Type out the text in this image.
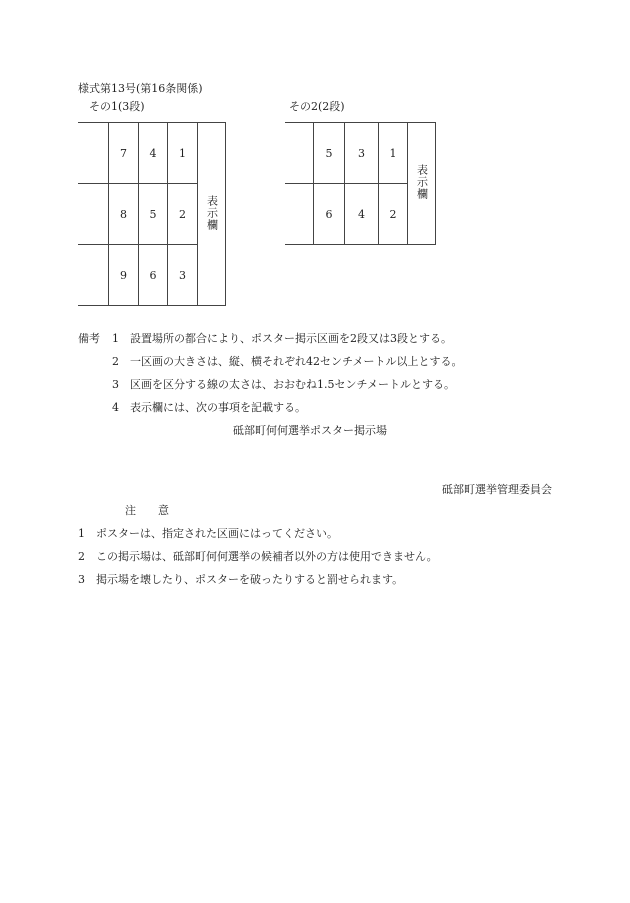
様式第13号(第16条関係)
その1(3段)
	7	4	1	表示欄
	8	5	2	
	9	6	3	
その2(2段)
	5	3	1	表示欄
	6	4	2	
備考 1 設置場所の都合により、ポスター掲示区画を2段又は3段とする。
2 一区画の大きさは、縦、横それぞれ42センチメートル以上とする。
3 区画を区分する線の太さは、おおむね1.5センチメートルとする。
4 表示欄には、次の事項を記載する。
砥部町何何選挙ポスター掲示場
砥部町選挙管理委員会
注　　意
1 ポスターは、指定された区画にはってください。
2 この掲示場は、砥部町何何選挙の候補者以外の方は使用できません。
3 掲示場を壊したり、ポスターを破ったりすると罰せられます。
